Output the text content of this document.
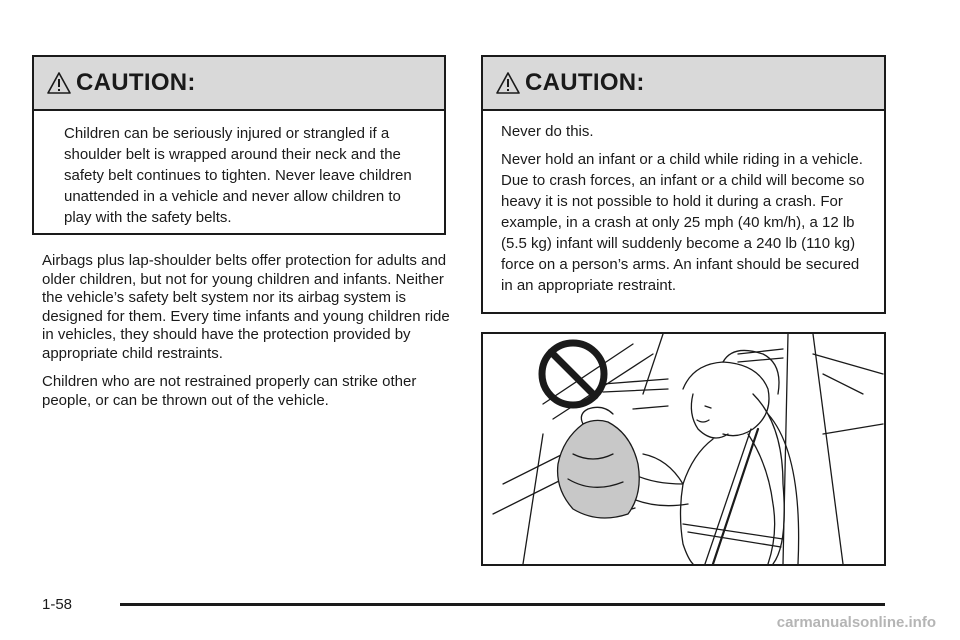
CAUTION:

Children can be seriously injured or strangled if a shoulder belt is wrapped around their neck and the safety belt continues to tighten. Never leave children unattended in a vehicle and never allow children to play with the safety belts.

CAUTION:

Never do this.

Never hold an infant or a child while riding in a vehicle. Due to crash forces, an infant or a child will become so heavy it is not possible to hold it during a crash. For example, in a crash at only 25 mph (40 km/h), a 12 lb (5.5 kg) infant will suddenly become a 240 lb (110 kg) force on a person’s arms. An infant should be secured in an appropriate restraint.

Airbags plus lap-shoulder belts offer protection for adults and older children, but not for young children and infants. Neither the vehicle’s safety belt system nor its airbag system is designed for them. Every time infants and young children ride in vehicles, they should have the protection provided by appropriate child restraints.

Children who are not restrained properly can strike other people, or can be thrown out of the vehicle.

1-58
carmanualsonline.info
